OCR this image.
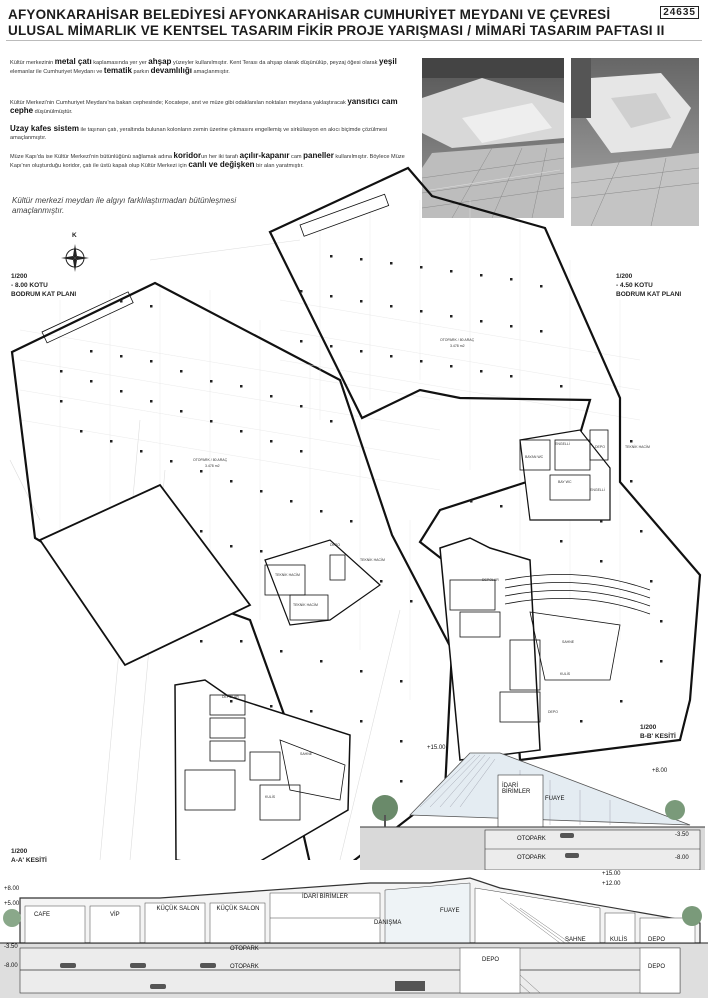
AFYONKARAHİSAR BELEDİYESİ AFYONKARAHİSAR CUMHURİYET MEYDANI VE ÇEVRESİ
ULUSAL MİMARLIK VE KENTSEL TASARIM FİKİR PROJE YARIŞMASI / MİMARİ TASARIM PAFTASI II
24635
Kültür merkezinin metal çatı kaplamasında yer yer ahşap yüzeyler kullanılmıştır. Kent Terası da ahşap olarak düşünülüp, peyzaj öğesi olarak yeşil elemanlar ile Cumhuriyet Meydanı ve tematik parkın devamlılığı amaçlanmıştır.
Kültür Merkezi'nin Cumhuriyet Meydanı'na bakan cephesinde; Kocatepe, anıt ve müze gibi odaklanılan noktaları meydana yaklaştıracak yansıtıcı cam cephe düşünülmüştür.
Uzay kafes sistem ile taşınan çatı, yeraltında bulunan kolonların zemin üzerine çıkmasını engellemiş ve sirkülasyon en akıcı biçimde çözülmesi amaçlanmıştır.
Müze Kapı'da ise Kültür Merkezi'nin bütünlüğünü sağlamak adına koridorun her iki tarafı açılır-kapanır cam paneller kullanılmıştır. Böylece Müze Kapı'nın oluşturduğu koridor, çatı ile üstü kapalı olup Kültür Merkezi için canlı ve değişken bir alan yaratmıştır.
Kültür merkezi meydan ile algıyı farklılaştırmadan bütünleşmesi amaçlanmıştır.
K
1/200
- 8.00 KOTU
BODRUM KAT PLANI
1/200
- 4.50 KOTU
BODRUM KAT PLANI
OTOPARK / 80 ARAÇ
3.478 m2
TEKNİK HACİM
TEKNİK HACİM
TEKNİK HACİM
DEPO
DEPOLAR
SAHNE
KULİS
OTOPARK / 80 ARAÇ
3.478 m2
DEPO	TEKNİK HACİM
ENGELLİ
BAYAN WC
BAY WC
ENGELLİ
DEPOLAR
SAHNE
KULİS
DEPO
1/200
B-B' KESİTİ
+15.00
+8.00
-3.50
-8.00
İDARİ BİRİMLER
FUAYE
OTOPARK
OTOPARK
1/200
A-A' KESİTİ
+8.00
+5.00
-3.50
-8.00
+15.00
+12.00
CAFE	VİP
KÜÇÜK SALON	KÜÇÜK SALON
İDARİ BİRİMLER
DANIŞMA
FUAYE
SAHNE	KULİS	DEPO
DEPO
DEPO
OTOPARK
OTOPARK
